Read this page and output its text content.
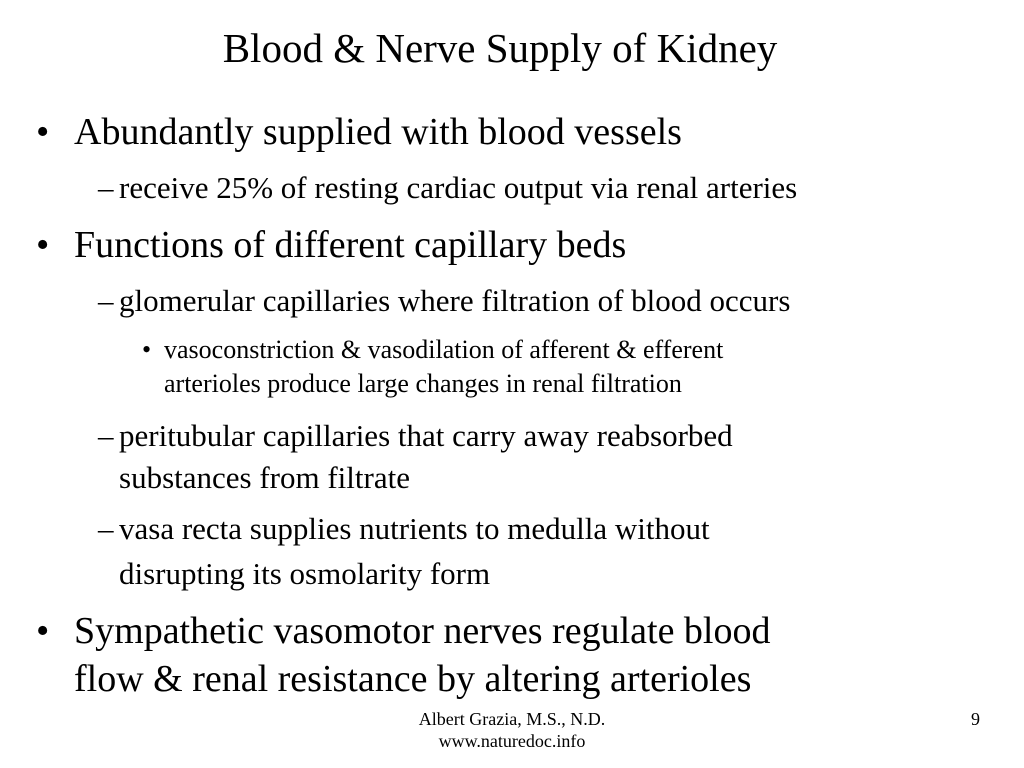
Blood & Nerve Supply of Kidney
• Abundantly supplied with blood vessels
– receive 25% of resting cardiac output via renal arteries
• Functions of different capillary beds
– glomerular capillaries where filtration of blood occurs
• vasoconstriction & vasodilation of afferent & efferent
arterioles produce large changes in renal filtration
– peritubular capillaries that carry away reabsorbed
substances from filtrate
– vasa recta supplies nutrients to medulla without
disrupting its osmolarity form
• Sympathetic vasomotor nerves regulate blood
flow & renal resistance by altering arterioles
Albert Grazia, M.S., N.D.
www.naturedoc.info
9
